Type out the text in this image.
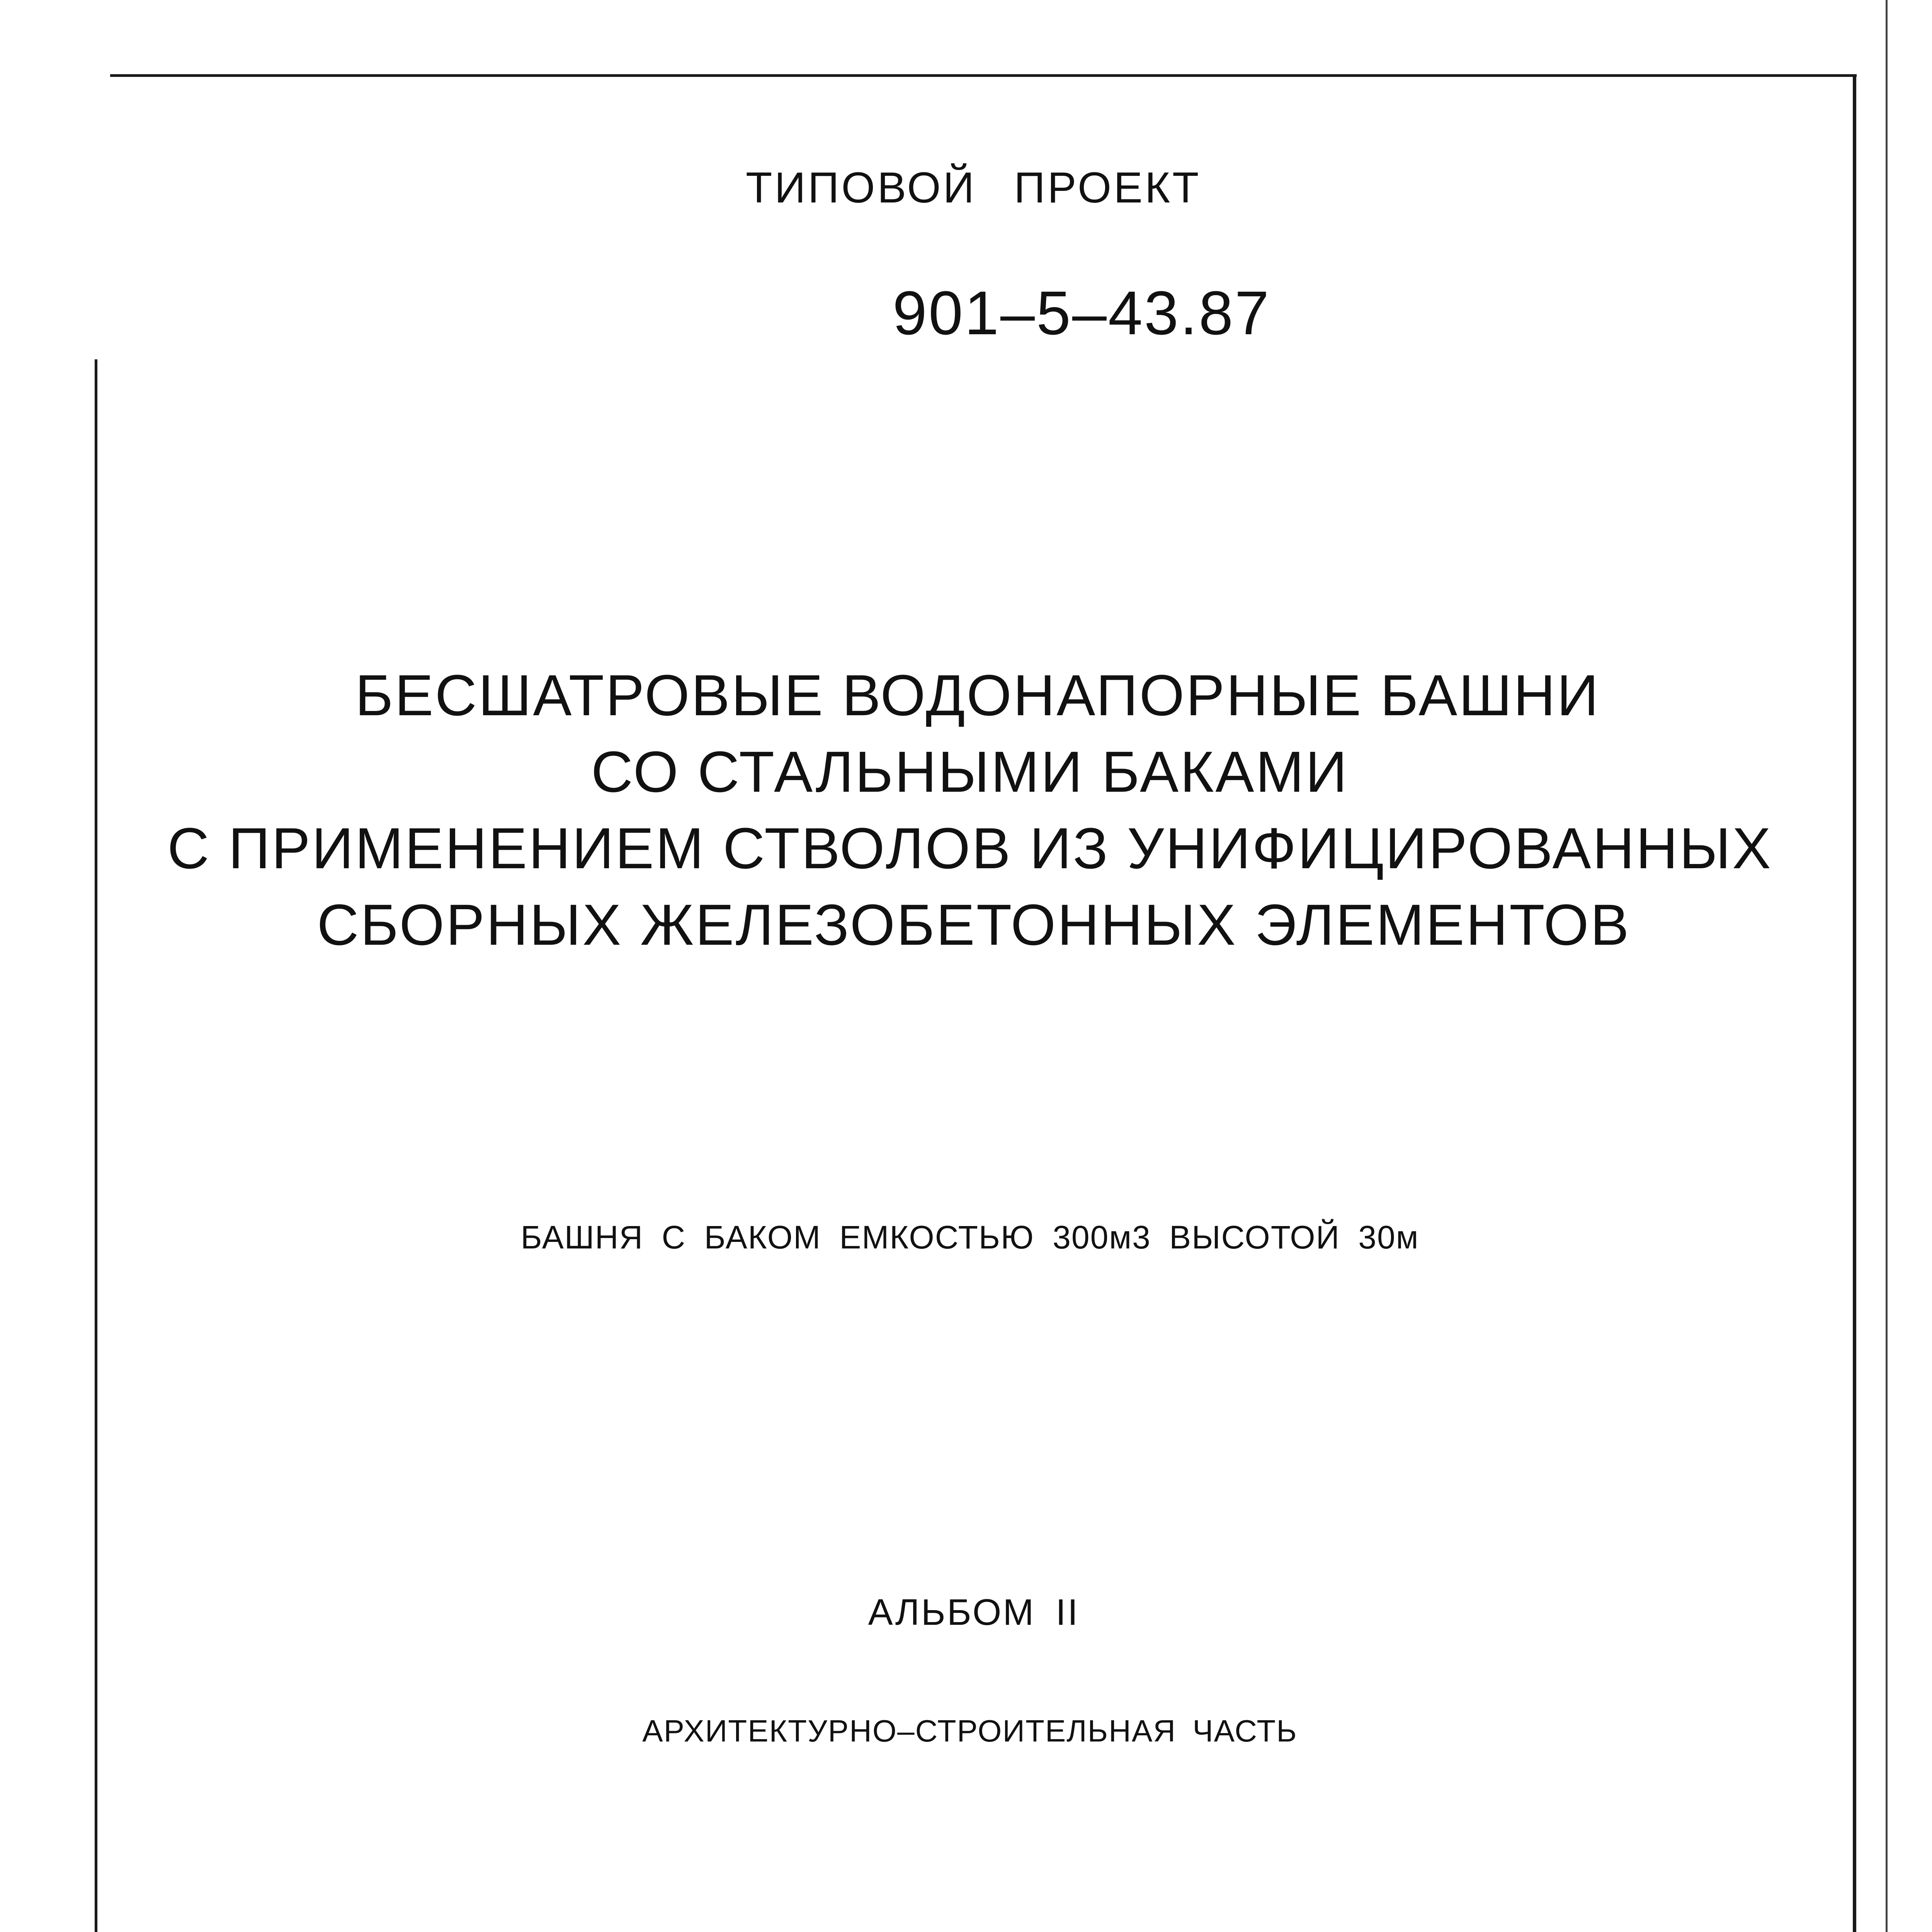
ТИПОВОЙ ПРОЕКТ
901–5–43.87
БЕСШАТРОВЫЕ ВОДОНАПОРНЫЕ БАШНИ
СО СТАЛЬНЫМИ БАКАМИ
С ПРИМЕНЕНИЕМ СТВОЛОВ ИЗ УНИФИЦИРОВАННЫХ
СБОРНЫХ ЖЕЛЕЗОБЕТОННЫХ ЭЛЕМЕНТОВ
БАШНЯ С БАКОМ ЕМКОСТЬЮ 300м3 ВЫСОТОЙ 30м
АЛЬБОМ II
АРХИТЕКТУРНО–СТРОИТЕЛЬНАЯ ЧАСТЬ
